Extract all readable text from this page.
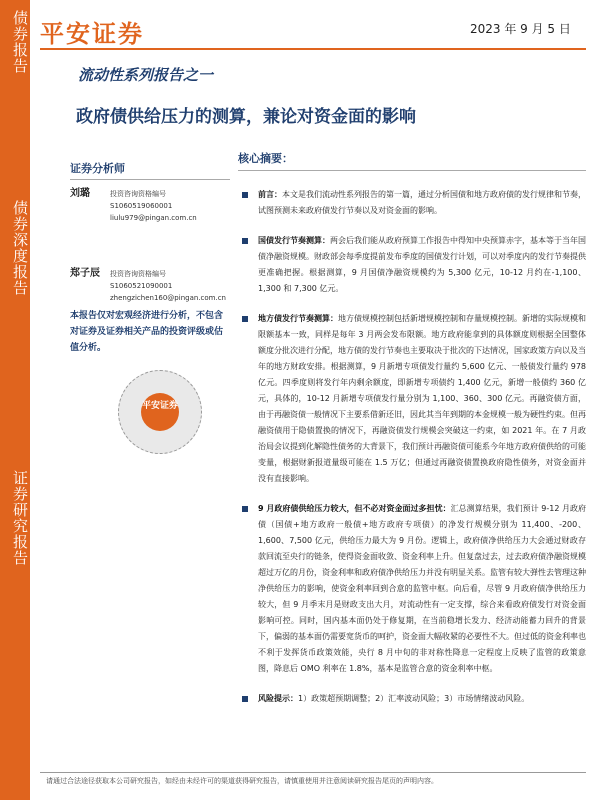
债券报告
债券深度报告
证券研究报告
平安证券	2023 年 9 月 5 日
流动性系列报告之一
政府债供给压力的测算，兼论对资金面的影响
证券分析师
刘璐	投资咨询资格编号
S1060519060001
liulu979@pingan.com.cn
郑子辰 投资咨询资格编号
S1060521090001
zhengzichen160@pingan.com.cn
本报告仅对宏观经济进行分析，不包含对证券及证券相关产品的投资评级或估值分析。
平安证券
核心摘要：
前言：本文是我们流动性系列报告的第一篇，通过分析国债和地方政府债的发行规律和节奏，试图预测未来政府债发行节奏以及对资金面的影响。
国债发行节奏测算：两会后我们能从政府预算工作报告中得知中央预算赤字，基本等于当年国债净融资规模。财政部会每季度提前发布季度的国债发行计划，可以对季度内的发行节奏提供更准确把握。根据测算，9 月国债净融资规模约为 5,300 亿元，10-12 月约在-1,100、1,300 和 7,300 亿元。
地方债发行节奏测算：地方债规模控制包括新增规模控制和存量规模控制。新增的实际规模和限额基本一致，同样是每年 3 月两会发布限额。地方政府能拿到的具体额度则根据全国整体额度分批次进行分配，地方债的发行节奏也主要取决于批次的下达情况，国家政策方向以及当年的地方财政安排。根据测算，9 月新增专项债发行量约 5,600 亿元、一般债发行量约 978 亿元。四季度则将发行年内剩余额度，即新增专项债约 1,400 亿元，新增一般债约 360 亿元，具体的，10-12 月新增专项债发行量分别为 1,100、360、300 亿元。再融资债方面，由于再融资债一般情况下主要系借新还旧，因此其当年到期的本金规模一般为硬性约束。但再融资债用于隐债置换的情况下，再融资债发行规模会突破这一约束，如 2021 年。在 7 月政治局会议提到化解隐性债务的大背景下，我们预计再融资债可能系今年地方政府债供给的可能变量，根据财新报道量级可能在 1.5 万亿；但通过再融资债置换政府隐性债务，对资金面并没有直接影响。
9 月政府债供给压力较大，但不必对资金面过多担忧：汇总测算结果，我们预计 9-12 月政府债（国债+地方政府一般债+地方政府专项债）的净发行规模分别为 11,400、-200、1,600、7,500 亿元，供给压力最大为 9 月份。逻辑上，政府债净供给压力大会通过财政存款回流至央行的链条，使得资金面收敛、资金利率上升。但复盘过去，过去政府债净融资规模超过万亿的月份，资金利率和政府债净供给压力并没有明显关系。监管有较大弹性去管理这种净供给压力的影响，使资金利率回到合意的监管中枢。向后看，尽管 9 月政府债净供给压力较大，但 9 月季末月是财政支出大月，对流动性有一定支撑，综合来看政府债发行对资金面影响可控。同时，国内基本面仍处于修复期，在当前稳增长发力、经济动能蓄力回升的背景下，偏弱的基本面仍需要宽货币的呵护，资金面大幅收紧的必要性不大。但过低的资金利率也不利于发挥货币政策效能，央行 8 月中旬的非对称性降息一定程度上反映了监管的政策意图，降息后 OMO 利率在 1.8%，基本是监管合意的资金利率中枢。
风险提示：1）政策超预期调整；2）汇率波动风险；3）市场情绪波动风险。
请通过合法途径获取本公司研究报告，如经由未经许可的渠道获得研究报告，请慎重使用并注意阅读研究报告尾页的声明内容。
